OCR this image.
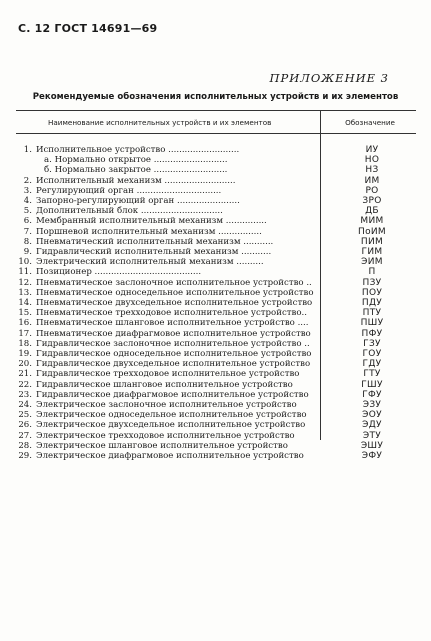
С. 12 ГОСТ 14691—69
ПРИЛОЖЕНИЕ 3
Рекомендуемые обозначения исполнительных устройств и их элементов
Наименование исполнительных устройств и их элементов	Обозначение
1. Исполнительное устройство ..........................	ИУ
а. Нормально открытое ...........................	НО
б. Нормально закрытое ...........................	НЗ
2. Исполнительный механизм ..........................	ИМ
3. Регулирующий орган ...............................	РО
4. Запорно-регулирующий орган .......................	ЗРО
5. Дополнительный блок ..............................	ДБ
6. Мембранный исполнительный механизм ...............	МИМ
7. Поршневой исполнительный механизм ................	ПоИМ
8. Пневматический исполнительный механизм ...........	ПИМ
9. Гидравлический исполнительный механизм ...........	ГИМ
10. Электрический исполнительный механизм ..........	ЭИМ
11. Позиционер .......................................	П
12. Пневматическое заслоночное исполнительное устройство ..	ПЗУ
13. Пневматическое односедельное исполнительное устройство	ПОУ
14. Пневматическое двухседельное исполнительное устройство	ПДУ
15. Пневматическое трехходовое исполнительное устройство..	ПТУ
16. Пневматическое шланговое исполнительное устройство ....	ПШУ
17. Пневматическое диафрагмовое исполнительное устройство	ПФУ
18. Гидравлическое заслоночное исполнительное устройство ..	ГЗУ
19. Гидравлическое односедельное исполнительное устройство	ГОУ
20. Гидравлическое двухседельное исполнительное устройство	ГДУ
21. Гидравлическое трехходовое исполнительное устройство	ГТУ
22. Гидравлическое шланговое исполнительное устройство	ГШУ
23. Гидравлическое диафрагмовое исполнительное устройство	ГФУ
24. Электрическое заслоночное исполнительное устройство	ЭЗУ
25. Электрическое односедельное исполнительное устройство	ЭОУ
26. Электрическое двухседельное исполнительное устройство	ЭДУ
27. Электрическое трехходовое исполнительное устройство	ЭТУ
28. Электрическое шланговое исполнительное устройство	ЭШУ
29. Электрическое диафрагмовое исполнительное устройство	ЭФУ
